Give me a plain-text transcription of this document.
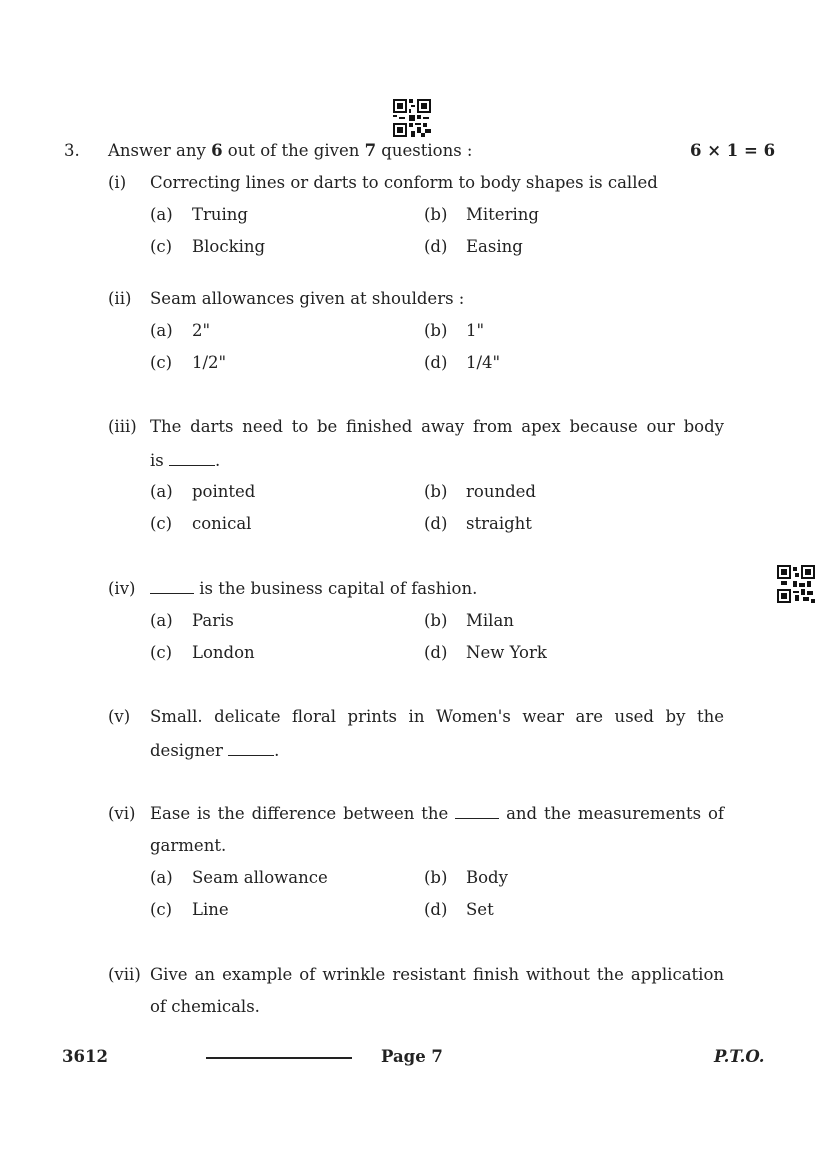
3. Answer any 6 out of the given 7 questions :	6 × 1 = 6
(i) Correcting lines or darts to conform to body shapes is called
(a) Truing	(b) Mitering
(c) Blocking	(d) Easing
(ii) Seam allowances given at shoulders :
(a) 2"	(b) 1"
(c) 1/2"	(d) 1/4"
(iii) The darts need to be finished away from apex because our body
is	.
(a) pointed	(b) rounded
(c) conical	(d) straight
(iv)	is the business capital of fashion.
(a) Paris	(b) Milan
(c) London	(d) New York
(v) Small. delicate floral prints in Women's wear are used by the
designer	.
(vi) Ease is the difference between the	and the measurements of
garment.
(a) Seam allowance	(b) Body
(c) Line	(d) Set
(vii) Give an example of wrinkle resistant finish without the application
of chemicals.
3612	Page 7	P.T.O.
